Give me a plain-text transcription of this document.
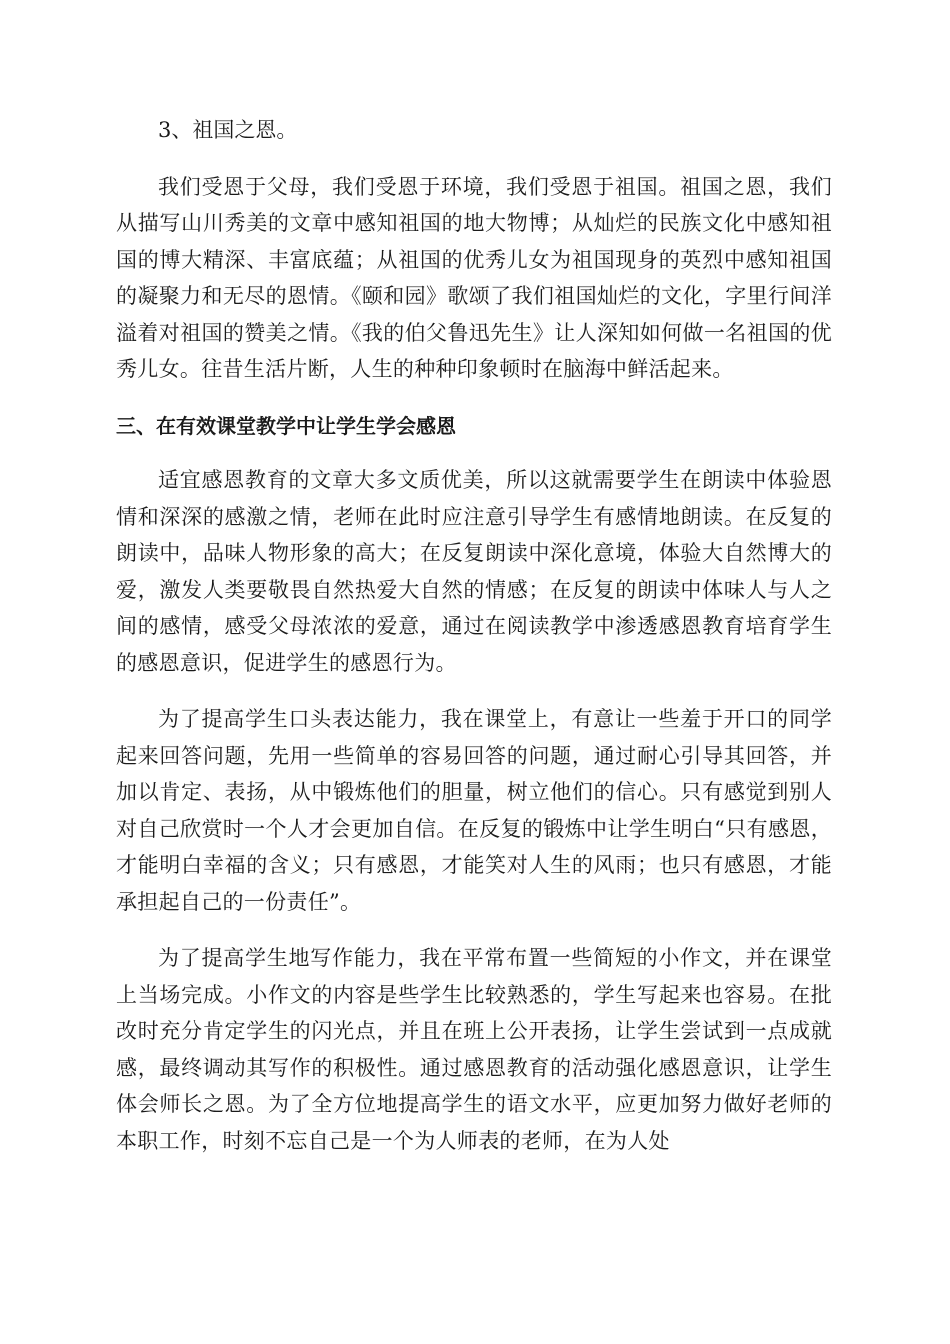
3、祖国之恩。

我们受恩于父母，我们受恩于环境，我们受恩于祖国。祖国之恩，我们从描写山川秀美的文章中感知祖国的地大物博；从灿烂的民族文化中感知祖国的博大精深、丰富底蕴；从祖国的优秀儿女为祖国现身的英烈中感知祖国的凝聚力和无尽的恩情。《颐和园》歌颂了我们祖国灿烂的文化，字里行间洋溢着对祖国的赞美之情。《我的伯父鲁迅先生》让人深知如何做一名祖国的优秀儿女。往昔生活片断，人生的种种印象顿时在脑海中鲜活起来。

三、在有效课堂教学中让学生学会感恩

适宜感恩教育的文章大多文质优美，所以这就需要学生在朗读中体验恩情和深深的感激之情，老师在此时应注意引导学生有感情地朗读。在反复的朗读中，品味人物形象的高大；在反复朗读中深化意境，体验大自然博大的爱，激发人类要敬畏自然热爱大自然的情感；在反复的朗读中体味人与人之间的感情，感受父母浓浓的爱意，通过在阅读教学中渗透感恩教育培育学生的感恩意识，促进学生的感恩行为。

为了提高学生口头表达能力，我在课堂上，有意让一些羞于开口的同学起来回答问题，先用一些简单的容易回答的问题，通过耐心引导其回答，并加以肯定、表扬，从中锻炼他们的胆量，树立他们的信心。只有感觉到别人对自己欣赏时一个人才会更加自信。在反复的锻炼中让学生明白“只有感恩，才能明白幸福的含义；只有感恩，才能笑对人生的风雨；也只有感恩，才能承担起自己的一份责任”。

为了提高学生地写作能力，我在平常布置一些简短的小作文，并在课堂上当场完成。小作文的内容是些学生比较熟悉的，学生写起来也容易。在批改时充分肯定学生的闪光点，并且在班上公开表扬，让学生尝试到一点成就感，最终调动其写作的积极性。通过感恩教育的活动强化感恩意识，让学生体会师长之恩。为了全方位地提高学生的语文水平，应更加努力做好老师的本职工作，时刻不忘自己是一个为人师表的老师，在为人处
